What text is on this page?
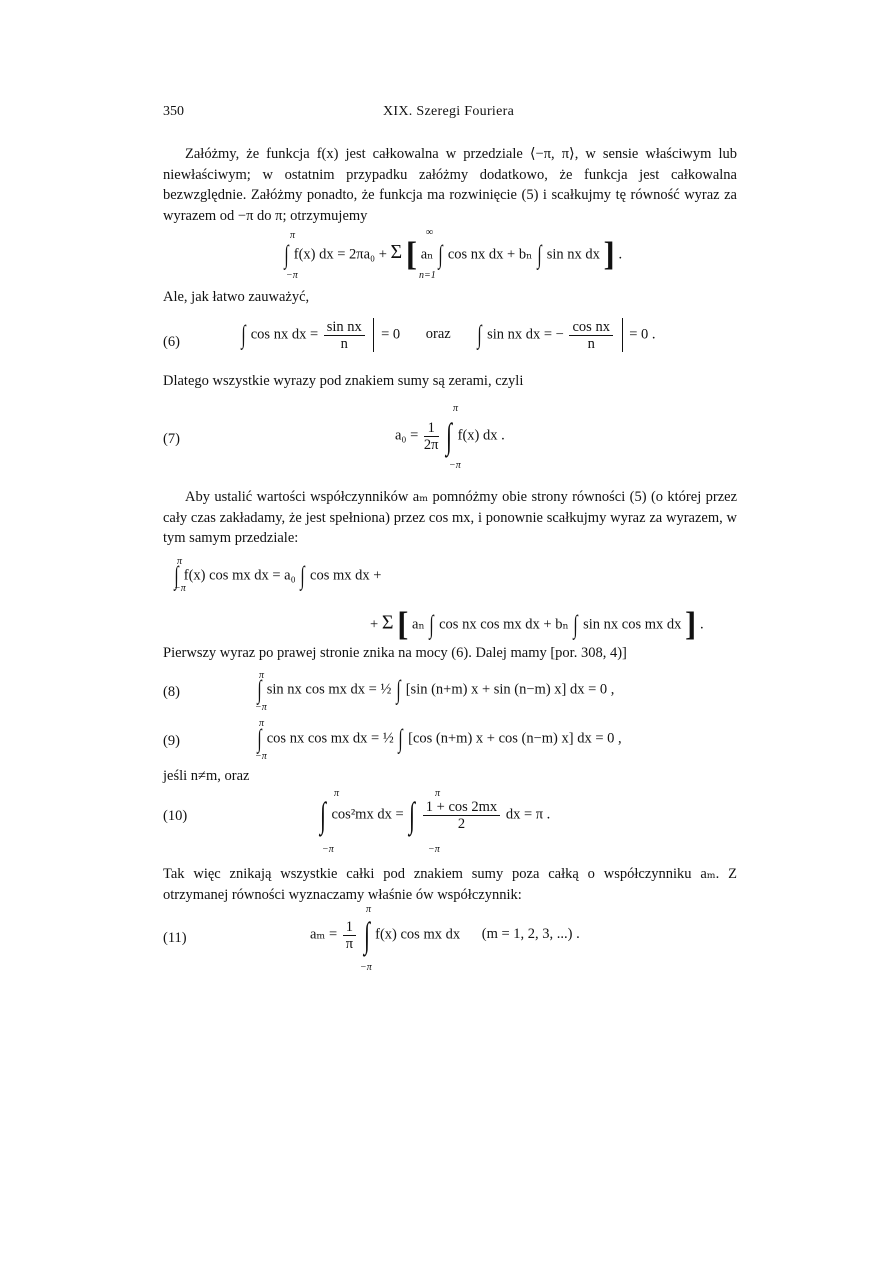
350	XIX. Szeregi Fouriera
Załóżmy, że funkcja f(x) jest całkowalna w przedziale ⟨−π, π⟩, w sensie właściwym lub niewłaściwym; w ostatnim przypadku załóżmy dodatkowo, że funkcja jest całkowalna bezwzględnie. Załóżmy ponadto, że funkcja ma rozwinięcie (5) i scałkujmy tę równość wyraz za wyrazem od −π do π; otrzymujemy
∫ f(x) dx = 2πa₀ + Σ [ aₙ ∫ cos nx dx + bₙ ∫ sin nx dx ] .
π
−π
∞
n=1
Ale, jak łatwo zauważyć,
(6) ∫ cos nx dx = $\frac{\text{sin nx}}{n} = 0$ oraz ∫ sin nx dx = − $\frac{\text{cos nx}}{n} = 0$ .
Dlatego wszystkie wyrazy pod znakiem sumy są zerami, czyli
(7)	$a_0 = \frac{1}{2\pi}$ ∫ f(x) dx .
π
−π
Aby ustalić wartości współczynników aₘ pomnóżmy obie strony równości (5) (o której przez cały czas zakładamy, że jest spełniona) przez cos mx, i ponownie scałkujmy wyraz za wyrazem, w tym samym przedziale:
∫ f(x) cos mx dx = a₀ ∫ cos mx dx +
π
−π
+ Σ [ aₙ ∫ cos nx cos mx dx + bₙ ∫ sin nx cos mx dx ] .
Pierwszy wyraz po prawej stronie znika na mocy (6). Dalej mamy [por. 308, 4)]
(8)	∫ sin nx cos mx dx = ½ ∫ [sin (n+m) x + sin (n−m) x] dx = 0 ,
π
−π
(9)	∫ cos nx cos mx dx = ½ ∫ [cos (n+m) x + cos (n−m) x] dx = 0 ,
π
−π
jeśli n≠m, oraz
(10)	∫ cos²mx dx = ∫ $\frac{1 + \cos 2mx}{2}$ dx = π .
π
−π
π
−π
Tak więc znikają wszystkie całki pod znakiem sumy poza całką o współczynniku aₘ. Z otrzymanej równości wyznaczamy właśnie ów współczynnik:
(11)	$a_m = \frac{1}{\pi}$ ∫ f(x) cos mx dx (m = 1, 2, 3, ...) .
π
−π
